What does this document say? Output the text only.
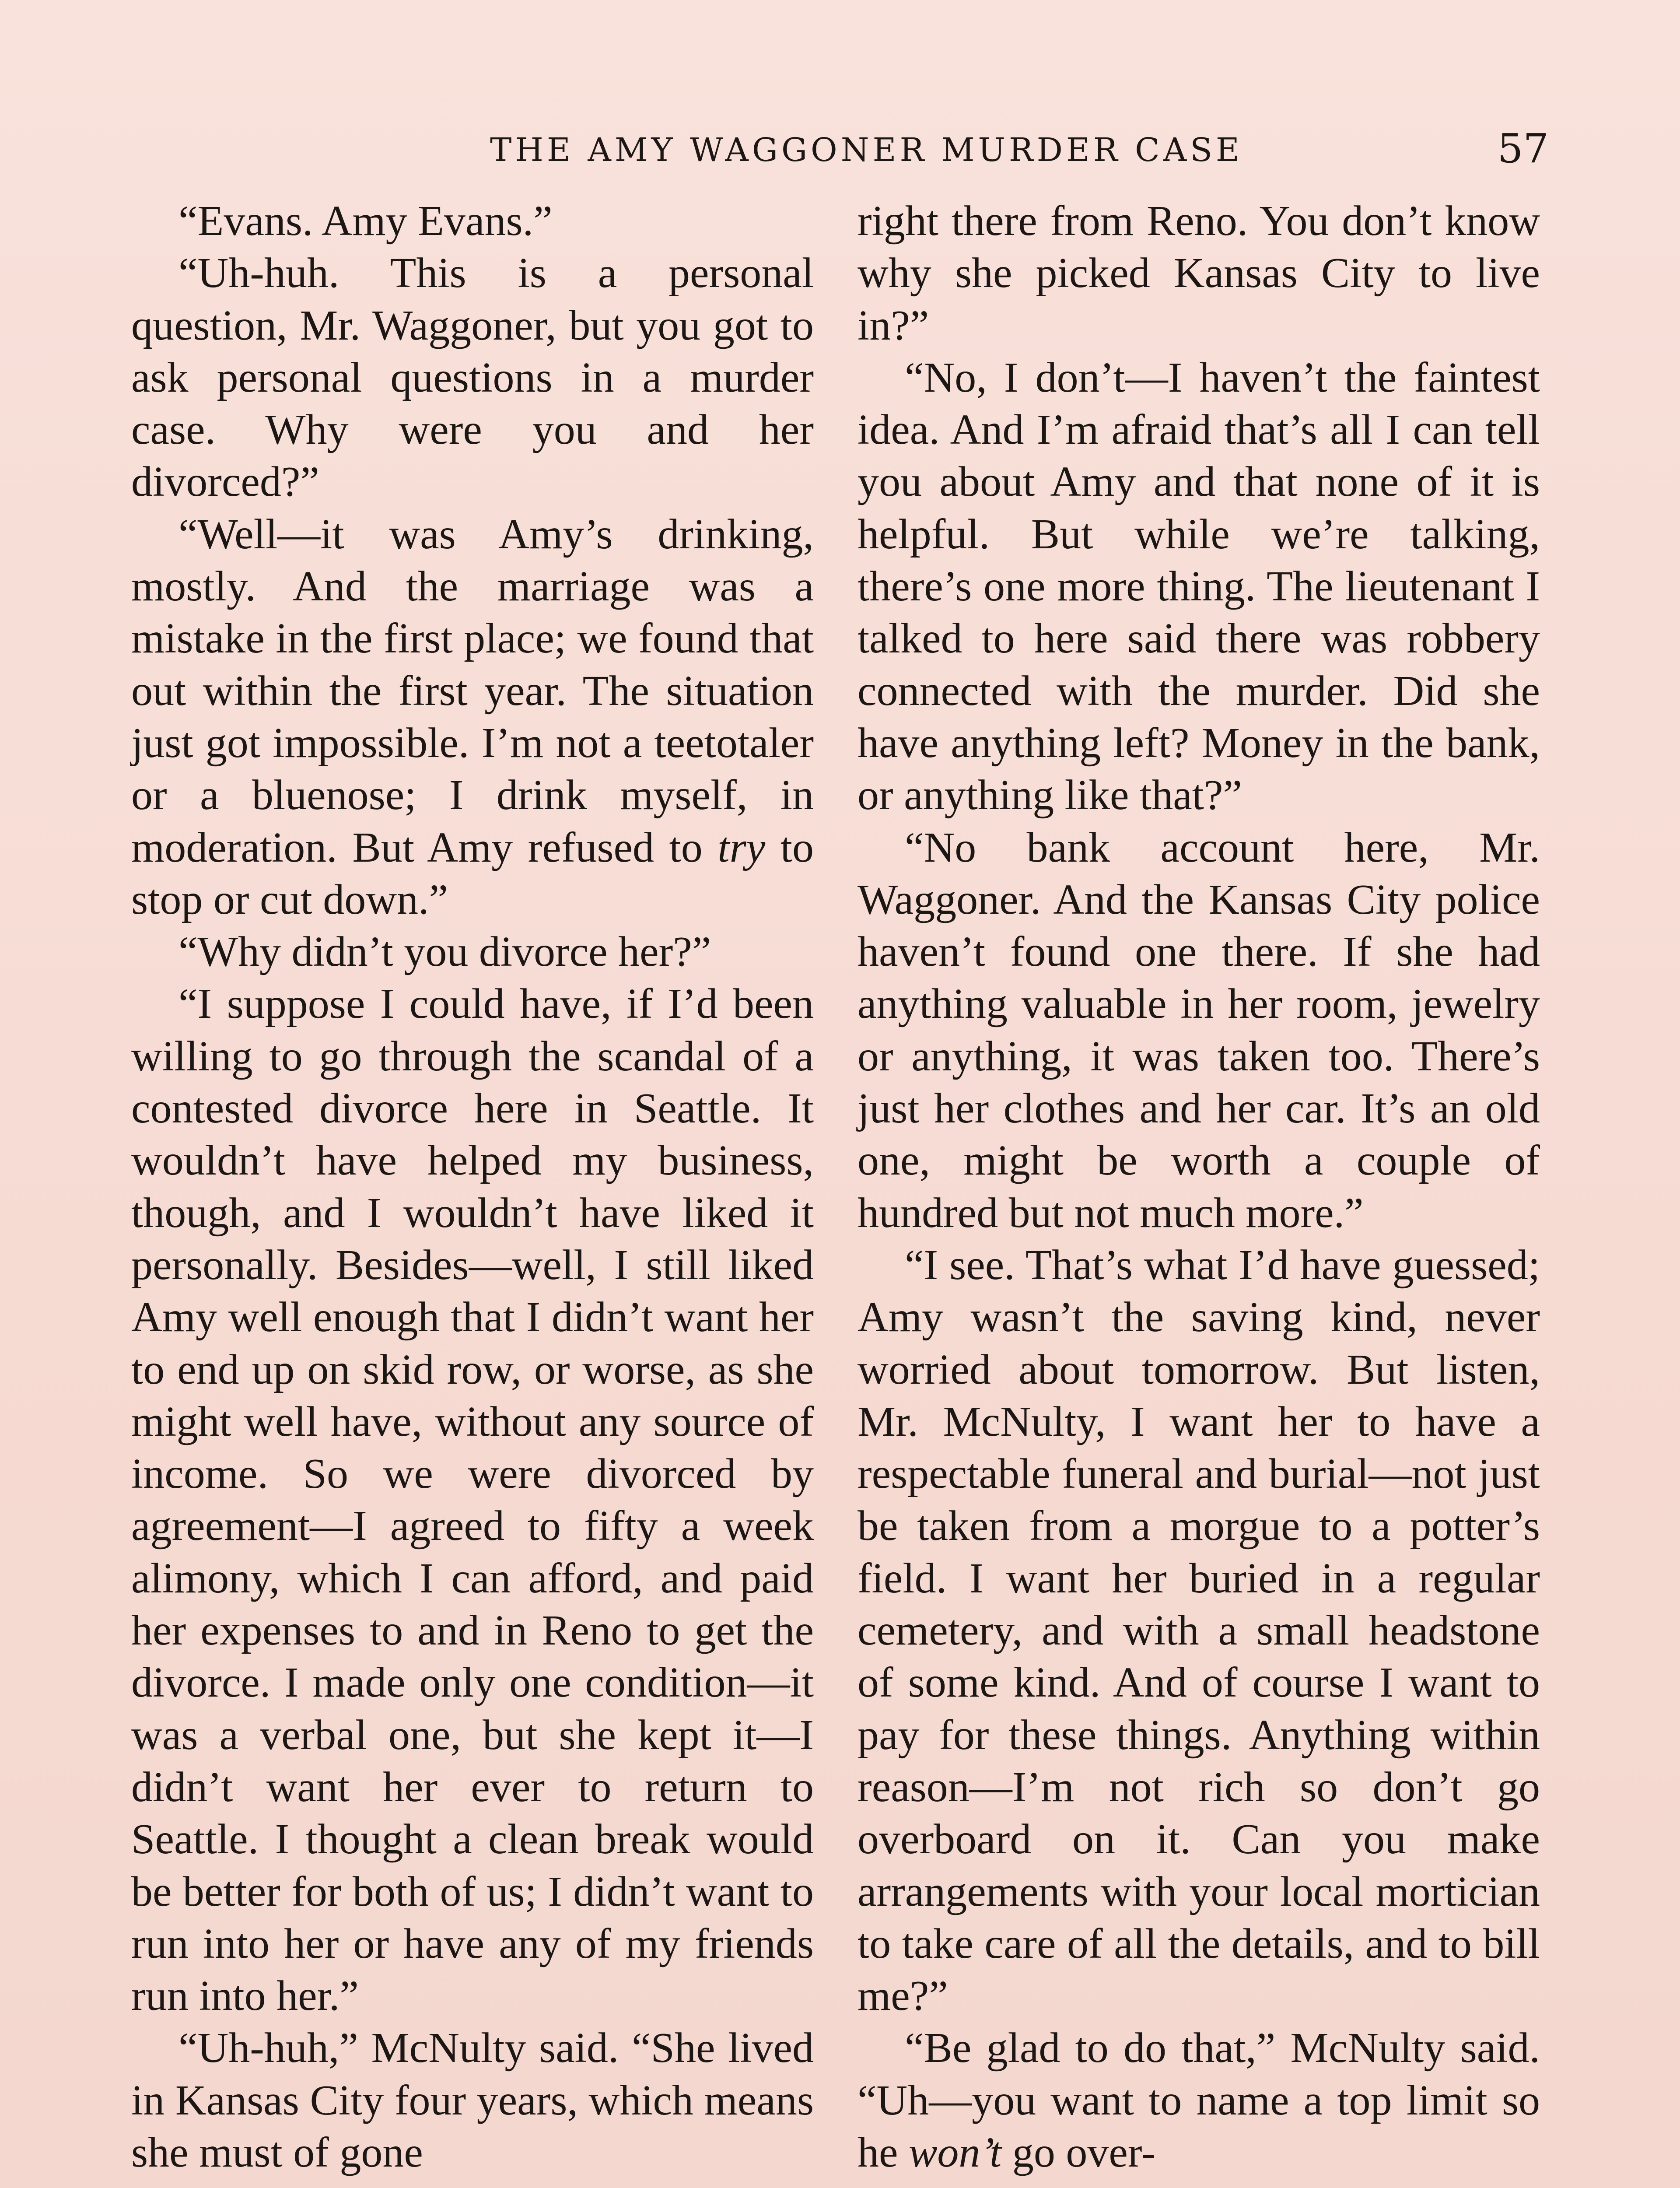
THE AMY WAGGONER MURDER CASE	57

“Evans. Amy Evans.”

“Uh-huh. This is a personal question, Mr. Waggoner, but you got to ask personal questions in a murder case. Why were you and her divorced?”

“Well—it was Amy’s drinking, mostly. And the marriage was a mistake in the first place; we found that out within the first year. The situation just got impossible. I’m not a teetotaler or a bluenose; I drink myself, in moderation. But Amy refused to try to stop or cut down.”

“Why didn’t you divorce her?”

“I suppose I could have, if I’d been willing to go through the scandal of a contested divorce here in Seattle. It wouldn’t have helped my business, though, and I wouldn’t have liked it personally. Besides—well, I still liked Amy well enough that I didn’t want her to end up on skid row, or worse, as she might well have, without any source of income. So we were divorced by agreement—I agreed to fifty a week alimony, which I can afford, and paid her expenses to and in Reno to get the divorce. I made only one condition—it was a verbal one, but she kept it—I didn’t want her ever to return to Seattle. I thought a clean break would be better for both of us; I didn’t want to run into her or have any of my friends run into her.”

“Uh-huh,” McNulty said. “She lived in Kansas City four years, which means she must of gone

right there from Reno. You don’t know why she picked Kansas City to live in?”

“No, I don’t—I haven’t the faintest idea. And I’m afraid that’s all I can tell you about Amy and that none of it is helpful. But while we’re talking, there’s one more thing. The lieutenant I talked to here said there was robbery connected with the murder. Did she have anything left? Money in the bank, or anything like that?”

“No bank account here, Mr. Waggoner. And the Kansas City police haven’t found one there. If she had anything valuable in her room, jewelry or anything, it was taken too. There’s just her clothes and her car. It’s an old one, might be worth a couple of hundred but not much more.”

“I see. That’s what I’d have guessed; Amy wasn’t the saving kind, never worried about tomorrow. But listen, Mr. McNulty, I want her to have a respectable funeral and burial—not just be taken from a morgue to a potter’s field. I want her buried in a regular cemetery, and with a small headstone of some kind. And of course I want to pay for these things. Anything within reason—I’m not rich so don’t go overboard on it. Can you make arrangements with your local mortician to take care of all the details, and to bill me?”

“Be glad to do that,” McNulty said. “Uh—you want to name a top limit so he won’t go over-
